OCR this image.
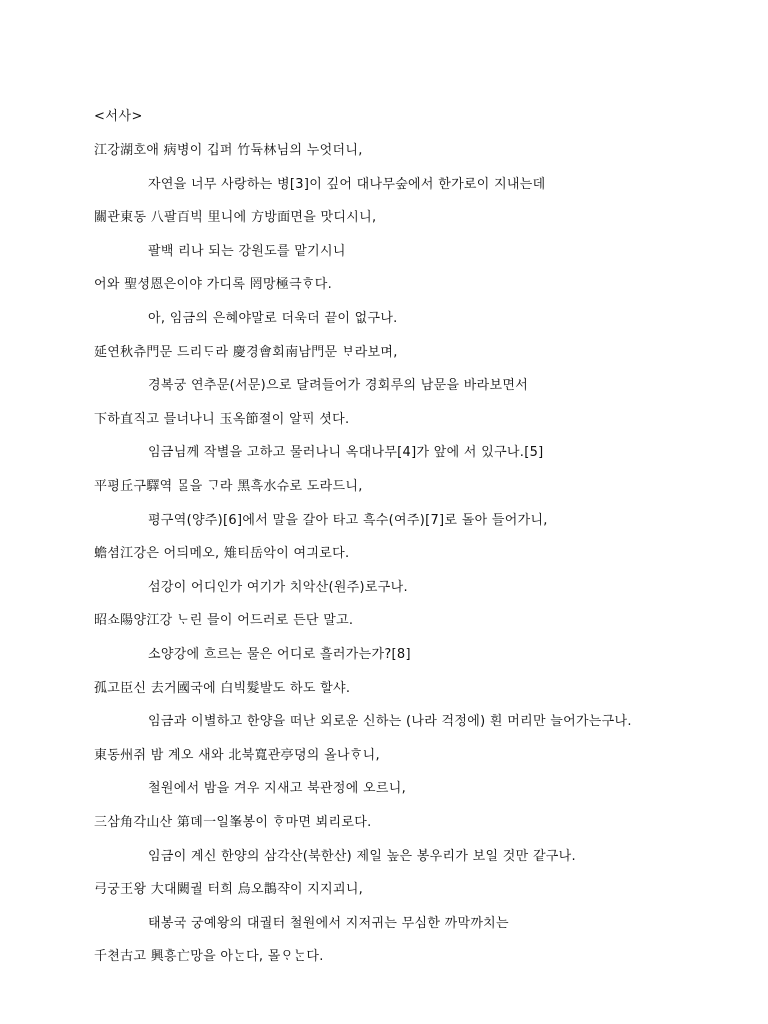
<서사>
江강湖호애 病병이 깁퍼 竹듁林님의 누엇더니,
자연을 너무 사랑하는 병[3]이 깊어 대나무숲에서 한가로이 지내는데
關관東동 八팔百빅 里니에 方방面면을 맛디시니,
팔백 리나 되는 강원도를 맡기시니
어와 聖셩恩은이야 가디록 罔망極극ᄒᆞ다.
아, 임금의 은혜야말로 더욱더 끝이 없구나.
延연秋츄門문 드리ᄃᆞ라 慶경會회南남門문 ᄇᆞ라보며,
경복궁 연추문(서문)으로 달려들어가 경회루의 남문을 바라보면서
下하直직고 믈너나니 玉옥節졀이 알ᄑᆡ 셧다.
임금님께 작별을 고하고 물러나니 옥대나무[4]가 앞에 서 있구나.[5]
平평丘구驛역 ᄆᆞᆯ을 ᄀᆞ라 黑흑水슈로 도라드니,
평구역(양주)[6]에서 말을 갈아 타고 흑수(여주)[7]로 돌아 들어가니,
蟾셤江강은 어듸메오, 雉티岳악이 여긔로다.
섬강이 어디인가 여기가 치악산(원주)로구나.
昭쇼陽양江강 ᄂᆞ린 믈이 어드러로 든단 말고.
소양강에 흐르는 물은 어디로 흘러가는가?[8]
孤고臣신 去거國국에 白빅髮발도 하도 할샤.
임금과 이별하고 한양을 떠난 외로운 신하는 (나라 걱정에) 흰 머리만 늘어가는구나.
東동州쥐 밤 계오 새와 北북寬관亭뎡의 올나ᄒᆞ니,
철원에서 밤을 겨우 지새고 북관정에 오르니,
三삼角각山산 第뎨一일峯봉이 ᄒᆞ마면 뵈리로다.
임금이 계신 한양의 삼각산(북한산) 제일 높은 봉우리가 보일 것만 같구나.
弓궁王왕 大대闕궐 터희 烏오鵲쟉이 지지괴니,
태봉국 궁예왕의 대궐터 철원에서 지저귀는 무심한 까막까치는
千쳔古고 興흥亡망을 아ᄂᆞᆫ다, 몰ᄋᆞᄂᆞᆫ다.
